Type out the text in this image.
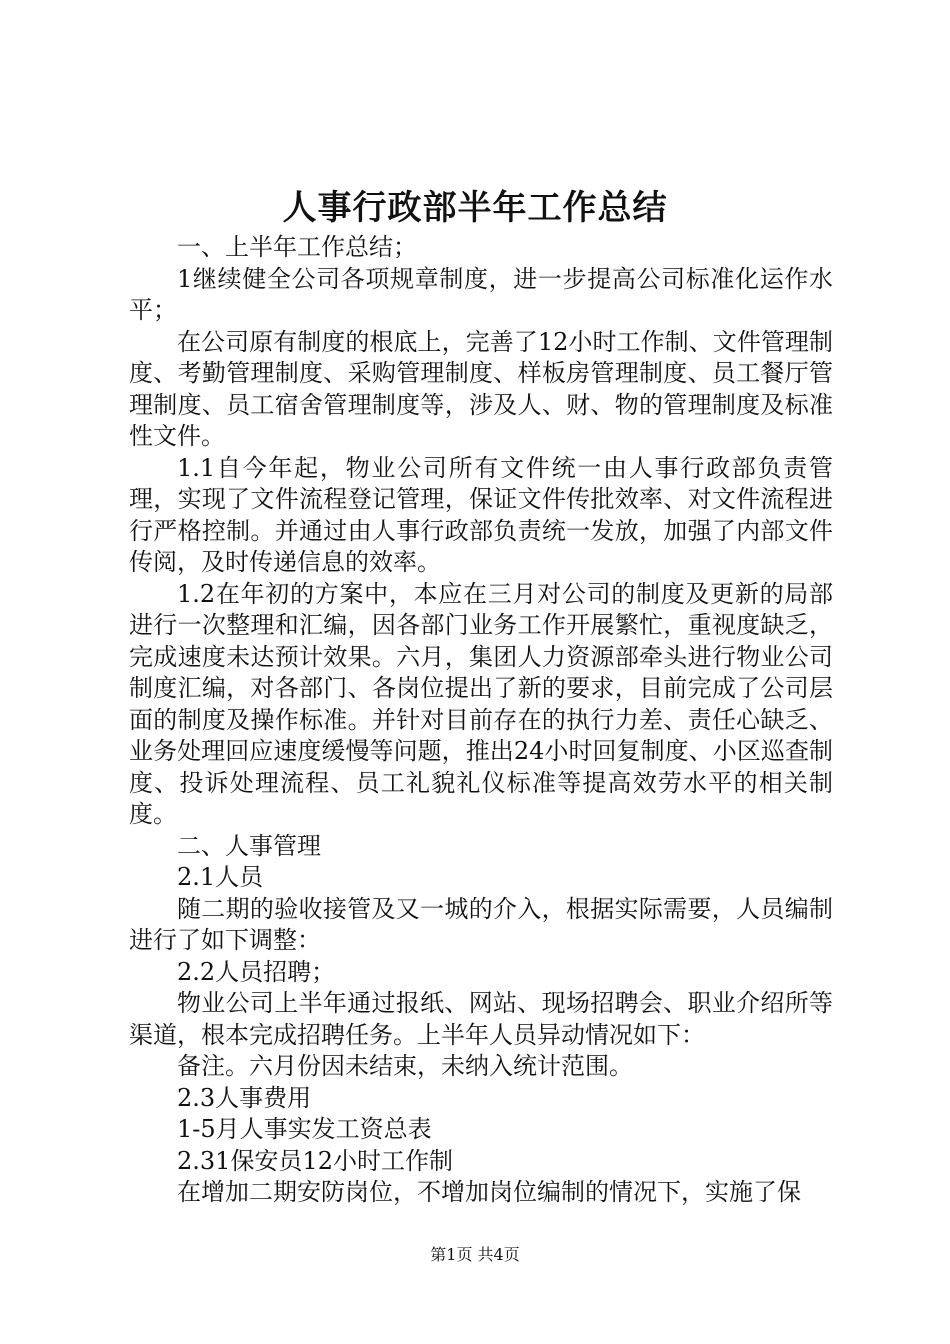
人事行政部半年工作总结

一、上半年工作总结；

1继续健全公司各项规章制度，进一步提高公司标准化运作水平；

在公司原有制度的根底上，完善了12小时工作制、文件管理制度、考勤管理制度、采购管理制度、样板房管理制度、员工餐厅管理制度、员工宿舍管理制度等，涉及人、财、物的管理制度及标准性文件。

1.1自今年起，物业公司所有文件统一由人事行政部负责管理，实现了文件流程登记管理，保证文件传批效率、对文件流程进行严格控制。并通过由人事行政部负责统一发放，加强了内部文件传阅，及时传递信息的效率。

1.2在年初的方案中，本应在三月对公司的制度及更新的局部进行一次整理和汇编，因各部门业务工作开展繁忙，重视度缺乏，完成速度未达预计效果。六月，集团人力资源部牵头进行物业公司制度汇编，对各部门、各岗位提出了新的要求，目前完成了公司层面的制度及操作标准。并针对目前存在的执行力差、责任心缺乏、业务处理回应速度缓慢等问题，推出24小时回复制度、小区巡查制度、投诉处理流程、员工礼貌礼仪标准等提高效劳水平的相关制度。

二、人事管理

2.1人员

随二期的验收接管及又一城的介入，根据实际需要，人员编制进行了如下调整：

2.2人员招聘；

物业公司上半年通过报纸、网站、现场招聘会、职业介绍所等渠道，根本完成招聘任务。上半年人员异动情况如下：

备注。六月份因未结束，未纳入统计范围。

2.3人事费用

1-5月人事实发工资总表

2.31保安员12小时工作制

在增加二期安防岗位，不增加岗位编制的情况下，实施了保

第1页 共4页
